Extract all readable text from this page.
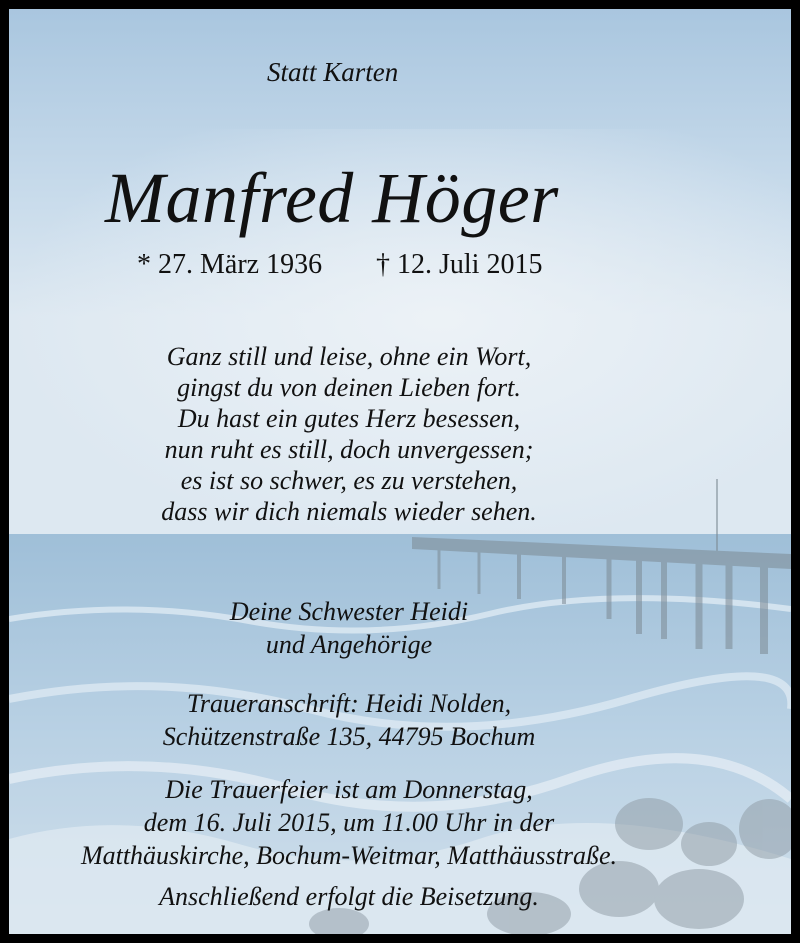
Statt Karten
Manfred Höger
* 27. März 1936 † 12. Juli 2015
Ganz still und leise, ohne ein Wort,
gingst du von deinen Lieben fort.
Du hast ein gutes Herz besessen,
nun ruht es still, doch unvergessen;
es ist so schwer, es zu verstehen,
dass wir dich niemals wieder sehen.
Deine Schwester Heidi
und Angehörige
Traueranschrift: Heidi Nolden,
Schützenstraße 135, 44795 Bochum
Die Trauerfeier ist am Donnerstag,
dem 16. Juli 2015, um 11.00 Uhr in der
Matthäuskirche, Bochum-Weitmar, Matthäusstraße.
Anschließend erfolgt die Beisetzung.
